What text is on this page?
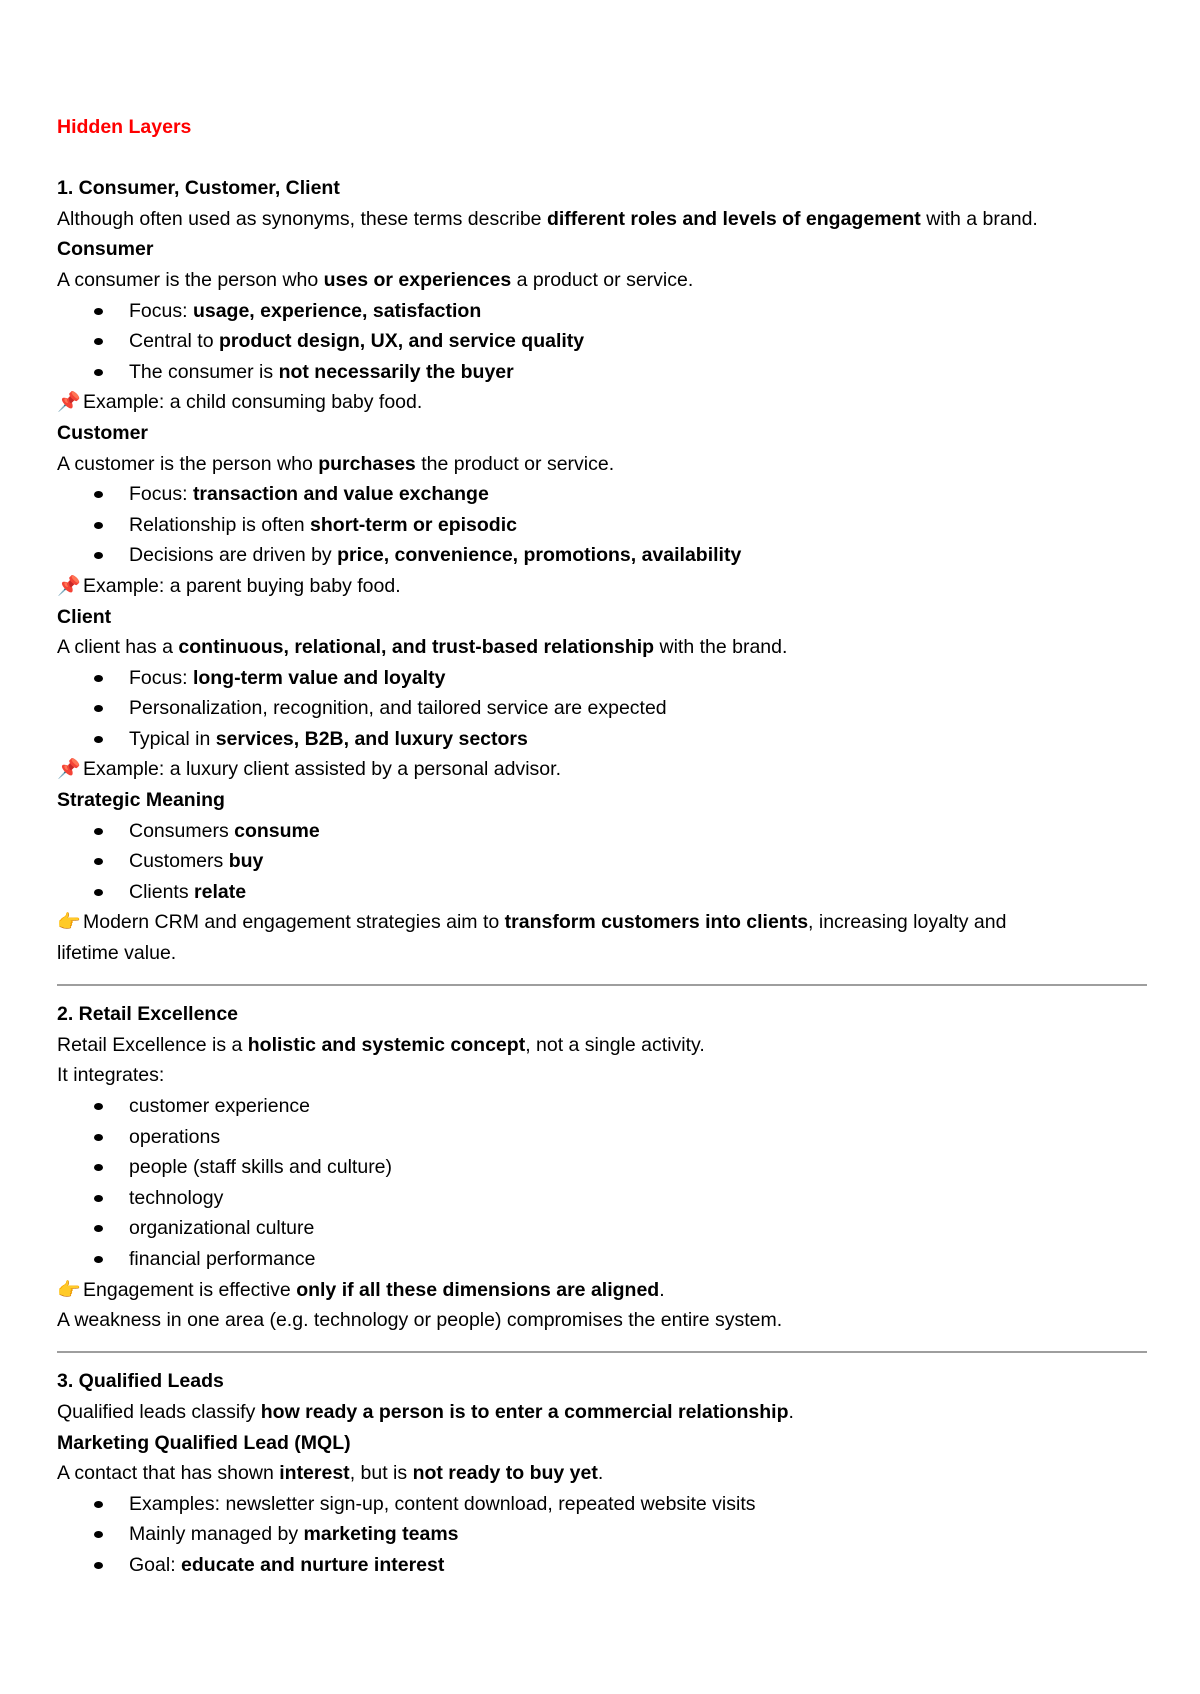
Hidden Layers
1. Consumer, Customer, Client
Although often used as synonyms, these terms describe different roles and levels of engagement with a brand.
Consumer
A consumer is the person who uses or experiences a product or service.
Focus: usage, experience, satisfaction
Central to product design, UX, and service quality
The consumer is not necessarily the buyer
📌 Example: a child consuming baby food.
Customer
A customer is the person who purchases the product or service.
Focus: transaction and value exchange
Relationship is often short-term or episodic
Decisions are driven by price, convenience, promotions, availability
📌 Example: a parent buying baby food.
Client
A client has a continuous, relational, and trust-based relationship with the brand.
Focus: long-term value and loyalty
Personalization, recognition, and tailored service are expected
Typical in services, B2B, and luxury sectors
📌 Example: a luxury client assisted by a personal advisor.
Strategic Meaning
Consumers consume
Customers buy
Clients relate
👉 Modern CRM and engagement strategies aim to transform customers into clients, increasing loyalty and
lifetime value.
2. Retail Excellence
Retail Excellence is a holistic and systemic concept, not a single activity.
It integrates:
customer experience
operations
people (staff skills and culture)
technology
organizational culture
financial performance
👉 Engagement is effective only if all these dimensions are aligned.
A weakness in one area (e.g. technology or people) compromises the entire system.
3. Qualified Leads
Qualified leads classify how ready a person is to enter a commercial relationship.
Marketing Qualified Lead (MQL)
A contact that has shown interest, but is not ready to buy yet.
Examples: newsletter sign-up, content download, repeated website visits
Mainly managed by marketing teams
Goal: educate and nurture interest
